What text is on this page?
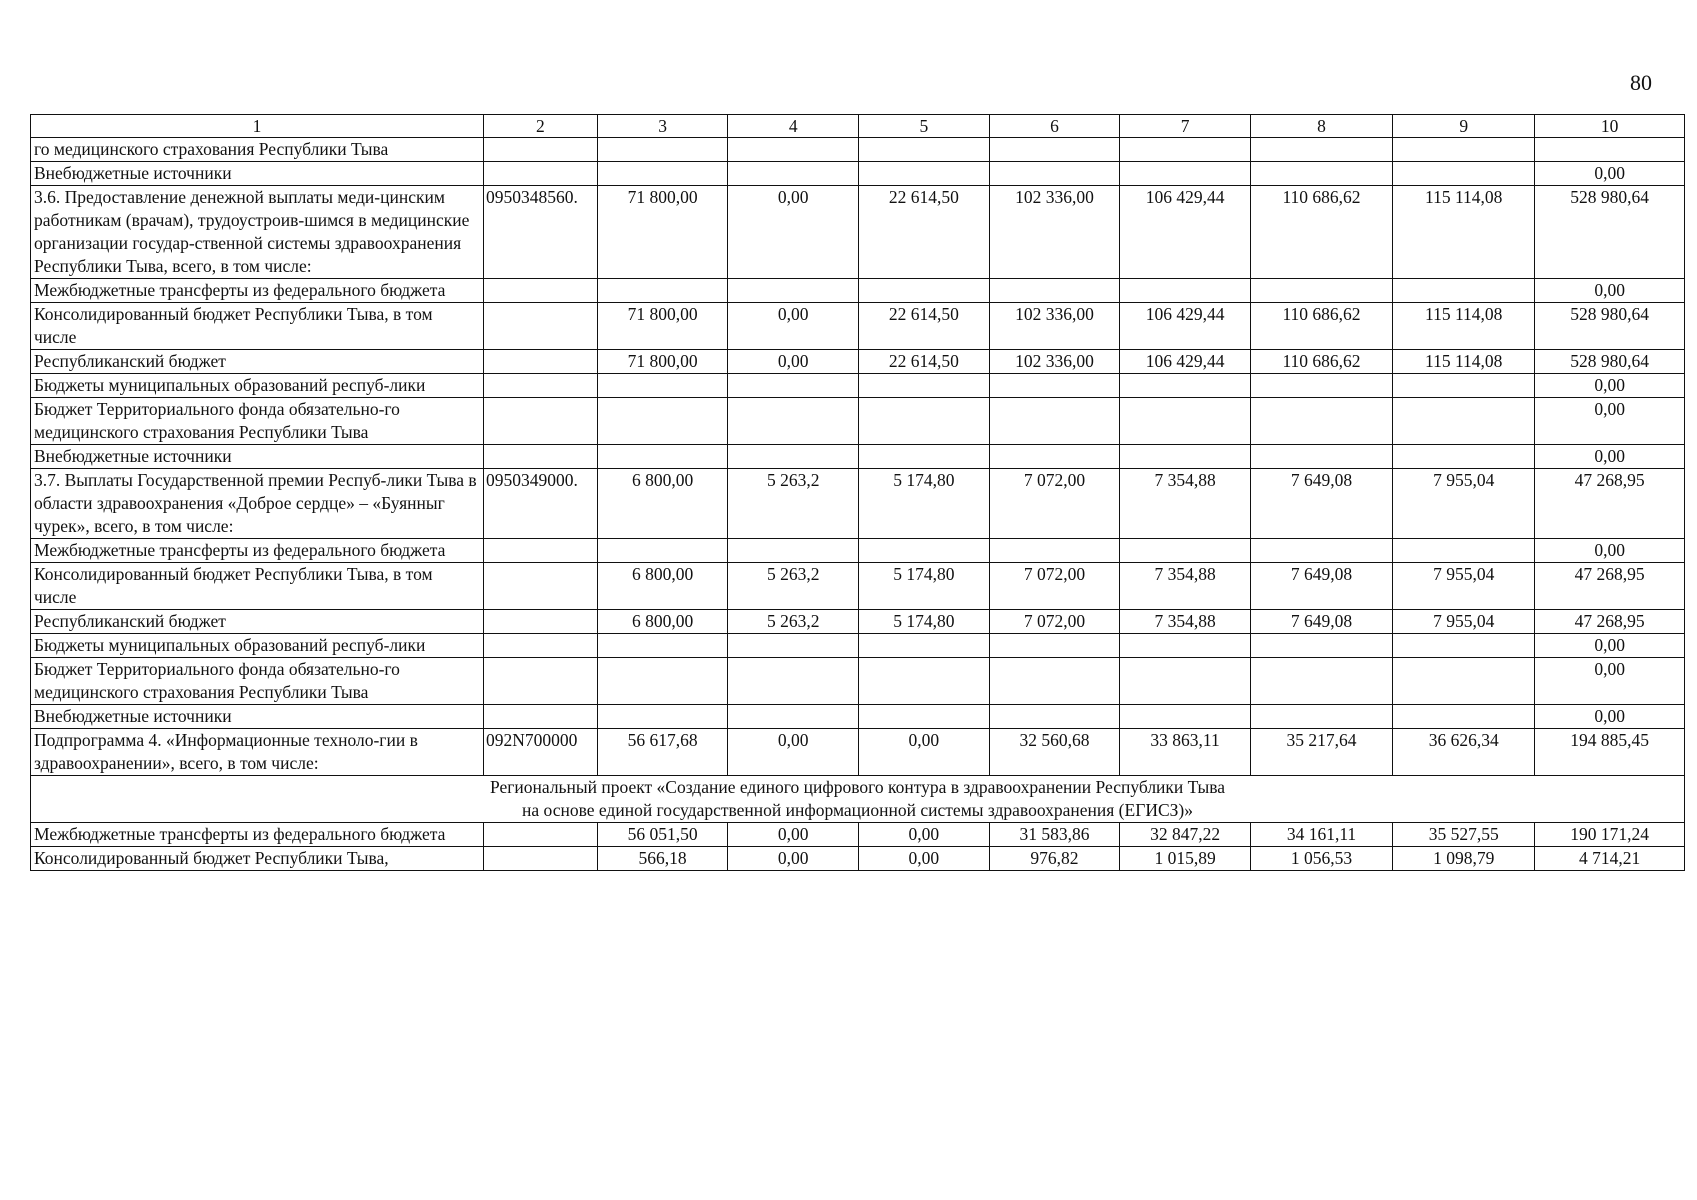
80
1	2	3	4	5	6	7	8	9	10
го медицинского страхования Республики Тыва									
Внебюджетные источники									0,00
3.6. Предоставление денежной выплаты меди-цинским работникам (врачам), трудоустроив-шимся в медицинские организации государ-ственной системы здравоохранения Республики Тыва, всего, в том числе:	0950348560.	71 800,00	0,00	22 614,50	102 336,00	106 429,44	110 686,62	115 114,08	528 980,64
Межбюджетные трансферты из федерального бюджета									0,00
Консолидированный бюджет Республики Тыва, в том числе		71 800,00	0,00	22 614,50	102 336,00	106 429,44	110 686,62	115 114,08	528 980,64
Республиканский бюджет		71 800,00	0,00	22 614,50	102 336,00	106 429,44	110 686,62	115 114,08	528 980,64
Бюджеты муниципальных образований респуб-лики									0,00
Бюджет Территориального фонда обязательно-го медицинского страхования Республики Тыва									0,00
Внебюджетные источники									0,00
3.7. Выплаты Государственной премии Респуб-лики Тыва в области здравоохранения «Доброе сердце» – «Буянныг чурек», всего, в том числе:	0950349000.	6 800,00	5 263,2	5 174,80	7 072,00	7 354,88	7 649,08	7 955,04	47 268,95
Межбюджетные трансферты из федерального бюджета									0,00
Консолидированный бюджет Республики Тыва, в том числе		6 800,00	5 263,2	5 174,80	7 072,00	7 354,88	7 649,08	7 955,04	47 268,95
Республиканский бюджет		6 800,00	5 263,2	5 174,80	7 072,00	7 354,88	7 649,08	7 955,04	47 268,95
Бюджеты муниципальных образований респуб-лики									0,00
Бюджет Территориального фонда обязательно-го медицинского страхования Республики Тыва									0,00
Внебюджетные источники									0,00
Подпрограмма 4. «Информационные техноло-гии в здравоохранении», всего, в том числе:	092N700000	56 617,68	0,00	0,00	32 560,68	33 863,11	35 217,64	36 626,34	194 885,45

Региональный проект «Создание единого цифрового контура в здравоохранении Республики Тыва
на основе единой государственной информационной системы здравоохранения (ЕГИСЗ)»									

Межбюджетные трансферты из федерального бюджета		56 051,50	0,00	0,00	31 583,86	32 847,22	34 161,11	35 527,55	190 171,24
Консолидированный бюджет Республики Тыва,		566,18	0,00	0,00	976,82	1 015,89	1 056,53	1 098,79	4 714,21
